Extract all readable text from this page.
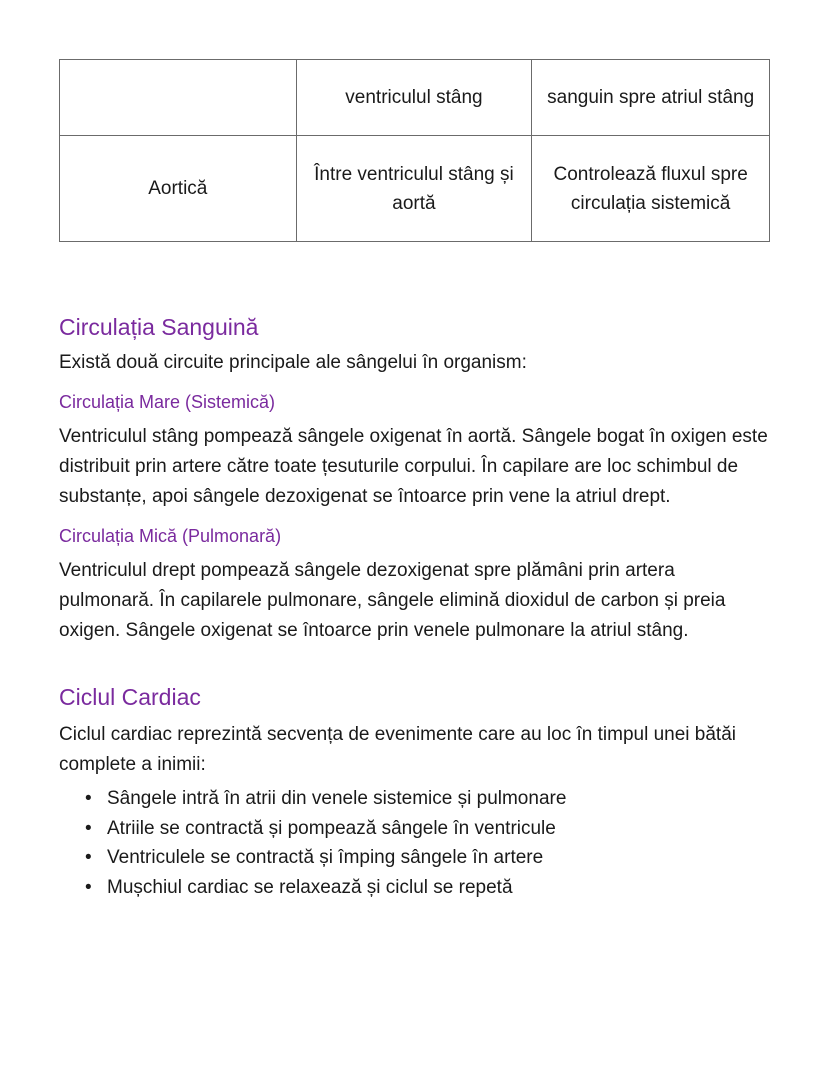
	ventriculul stâng	sanguin spre atriul stâng
Aortică	Între ventriculul stâng și aortă	Controlează fluxul spre circulația sistemică
Circulația Sanguină

Există două circuite principale ale sângelui în organism:

Circulația Mare (Sistemică)

Ventriculul stâng pompează sângele oxigenat în aortă. Sângele bogat în oxigen este distribuit prin artere către toate țesuturile corpului. În capilare are loc schimbul de substanțe, apoi sângele dezoxigenat se întoarce prin vene la atriul drept.

Circulația Mică (Pulmonară)

Ventriculul drept pompează sângele dezoxigenat spre plămâni prin artera pulmonară. În capilarele pulmonare, sângele elimină dioxidul de carbon și preia oxigen. Sângele oxigenat se întoarce prin venele pulmonare la atriul stâng.

Ciclul Cardiac

Ciclul cardiac reprezintă secvența de evenimente care au loc în timpul unei bătăi complete a inimii:

• Sângele intră în atrii din venele sistemice și pulmonare
• Atriile se contractă și pompează sângele în ventricule
• Ventriculele se contractă și împing sângele în artere
• Mușchiul cardiac se relaxează și ciclul se repetă
